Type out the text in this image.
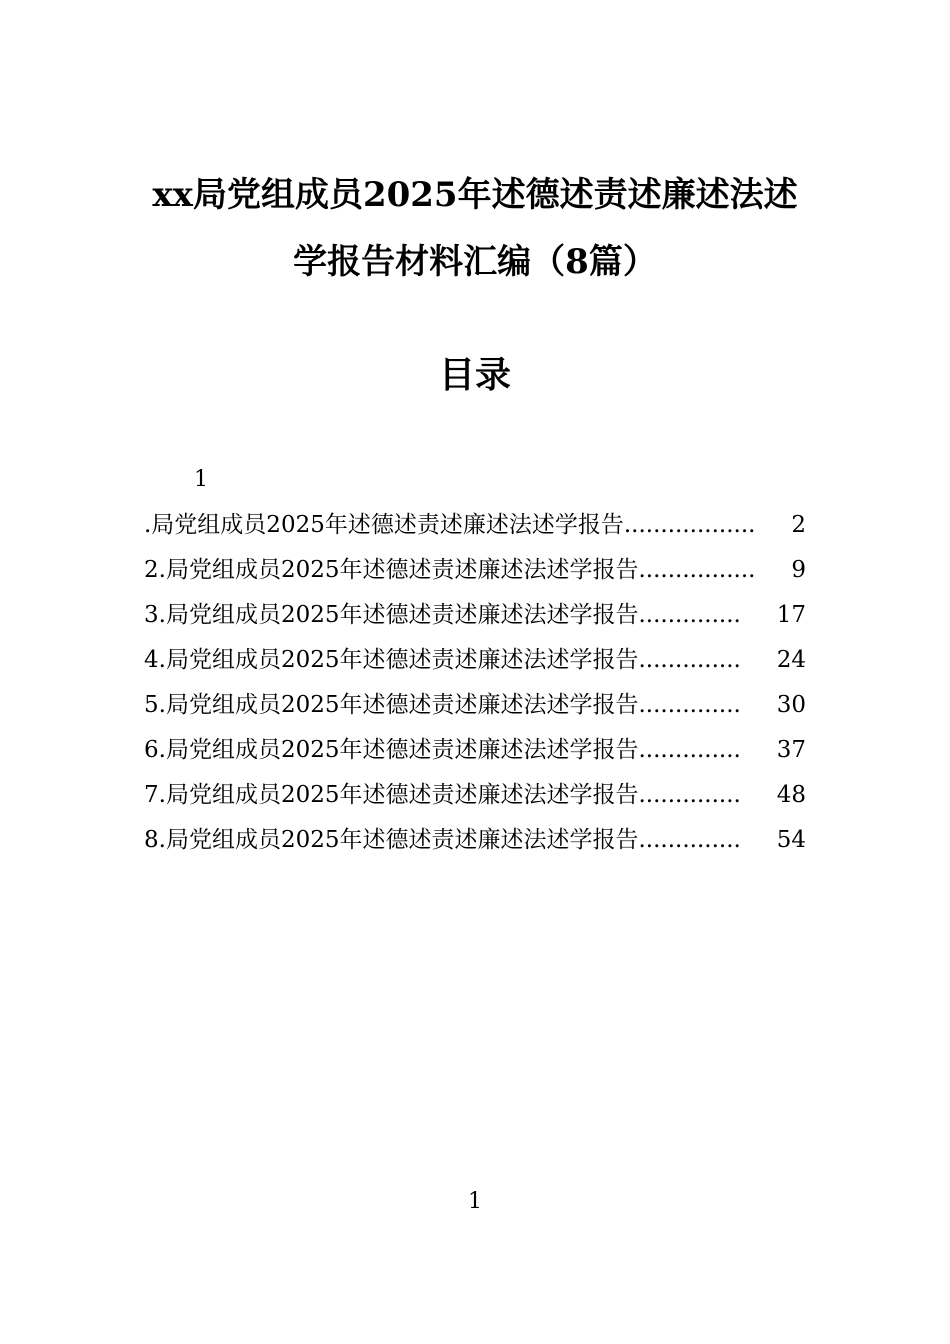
xx局党组成员2025年述德述责述廉述法述
学报告材料汇编（8篇）
目录
1
.局党组成员2025年述德述责述廉述法述学报告 ..................	2
2.局党组成员2025年述德述责述廉述法述学报告 ................	9
3.局党组成员2025年述德述责述廉述法述学报告 ..............	17
4.局党组成员2025年述德述责述廉述法述学报告 ..............	24
5.局党组成员2025年述德述责述廉述法述学报告 ..............	30
6.局党组成员2025年述德述责述廉述法述学报告 ..............	37
7.局党组成员2025年述德述责述廉述法述学报告 ..............	48
8.局党组成员2025年述德述责述廉述法述学报告 ..............	54
1
